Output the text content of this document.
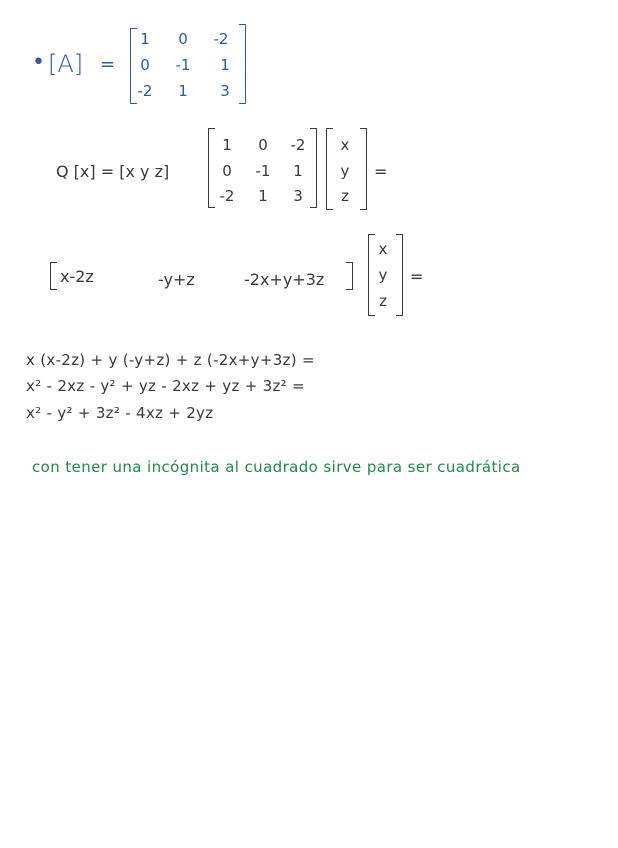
• [A] =
1	0	-2
0	-1	1
-2	1	3
Q [x] = [x y z]
1	0	-2
0	-1	1
-2	1	3
x
y
z
=
x-2z	-y+z	-2x+y+3z
x
y
z
=
x (x-2z) + y (-y+z) + z (-2x+y+3z) =
x² - 2xz - y² + yz - 2xz + yz + 3z² =
x² - y² + 3z² - 4xz + 2yz
con tener una incógnita al cuadrado sirve para ser cuadrática
